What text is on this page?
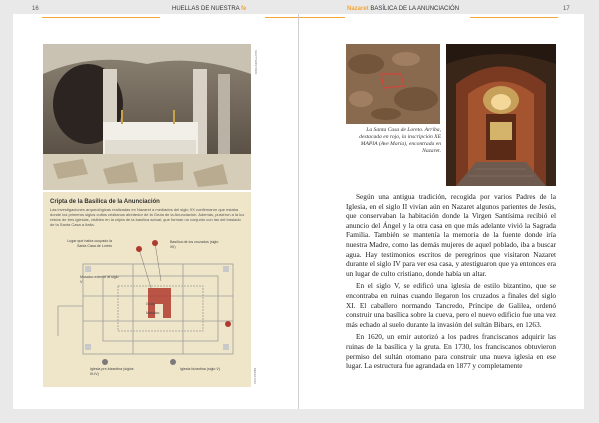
16	HUELLAS DE NUESTRA fe
SHUTTERSTOCK
Cripta de la Basílica de la Anunciación
Las investigaciones arqueológicas realizadas en Nazaret a mediados del siglo XX confirmaron que estaba donde los primeros siglos cultos cristianos alrededor de la Gruta de la Anunciación. Además, pusieron a la luz restos de tres iglesias, visibles en la cripta de la basílica actual, que forman un conjunto con las del traslado de la Santa Casa a Italia.
Lugar que había ocupado la Santa Casa de Loreto
Basílica de los cruzados (siglo XII)
Mosaico exterior al siglo V
Gruta
Mosaico
Iglesia pre-bizantina (siglos III-IV)
Iglesia bizantina (siglo V)	MEDIA 8/16
17
Nazaret BASÍLICA DE LA ANUNCIACIÓN
La Santa Casa de Loreto. Arriba, destacada en rojo, la inscripción ΧΕ MAPIA (Ave María), encontrada en Nazaret.

Según una antigua tradición, recogida por varios Padres de la Iglesia, en el siglo II vivían aún en Nazaret algunos parientes de Jesús, que conservaban la habitación donde la Virgen Santísima recibió el anuncio del Ángel y la otra casa en que más adelante vivió la Sagrada Familia. También se mantenía la memoria de la fuente donde iría nuestra Madre, como las demás mujeres de aquel poblado, iba a buscar agua. Hay testimonios escritos de peregrinos que visitaron Nazaret durante el siglo IV para ver esa casa, y atestiguaron que ya entonces era un lugar de culto cristiano, donde había un altar.

En el siglo V, se edificó una iglesia de estilo bizantino, que se encontraba en ruinas cuando llegaron los cruzados a finales del siglo XI. El caballero normando Tancredo, Príncipe de Galilea, ordenó construir una basílica sobre la cueva, pero el nuevo edificio fue una vez más echado al suelo durante la invasión del sultán Bibars, en 1263.

En 1620, un emir autorizó a los padres franciscanos adquirir las ruinas de la basílica y la gruta. En 1730, los franciscanos obtuvieron permiso del sultán otomano para construir una nueva iglesia en ese lugar. La estructura fue agrandada en 1877 y completamente
